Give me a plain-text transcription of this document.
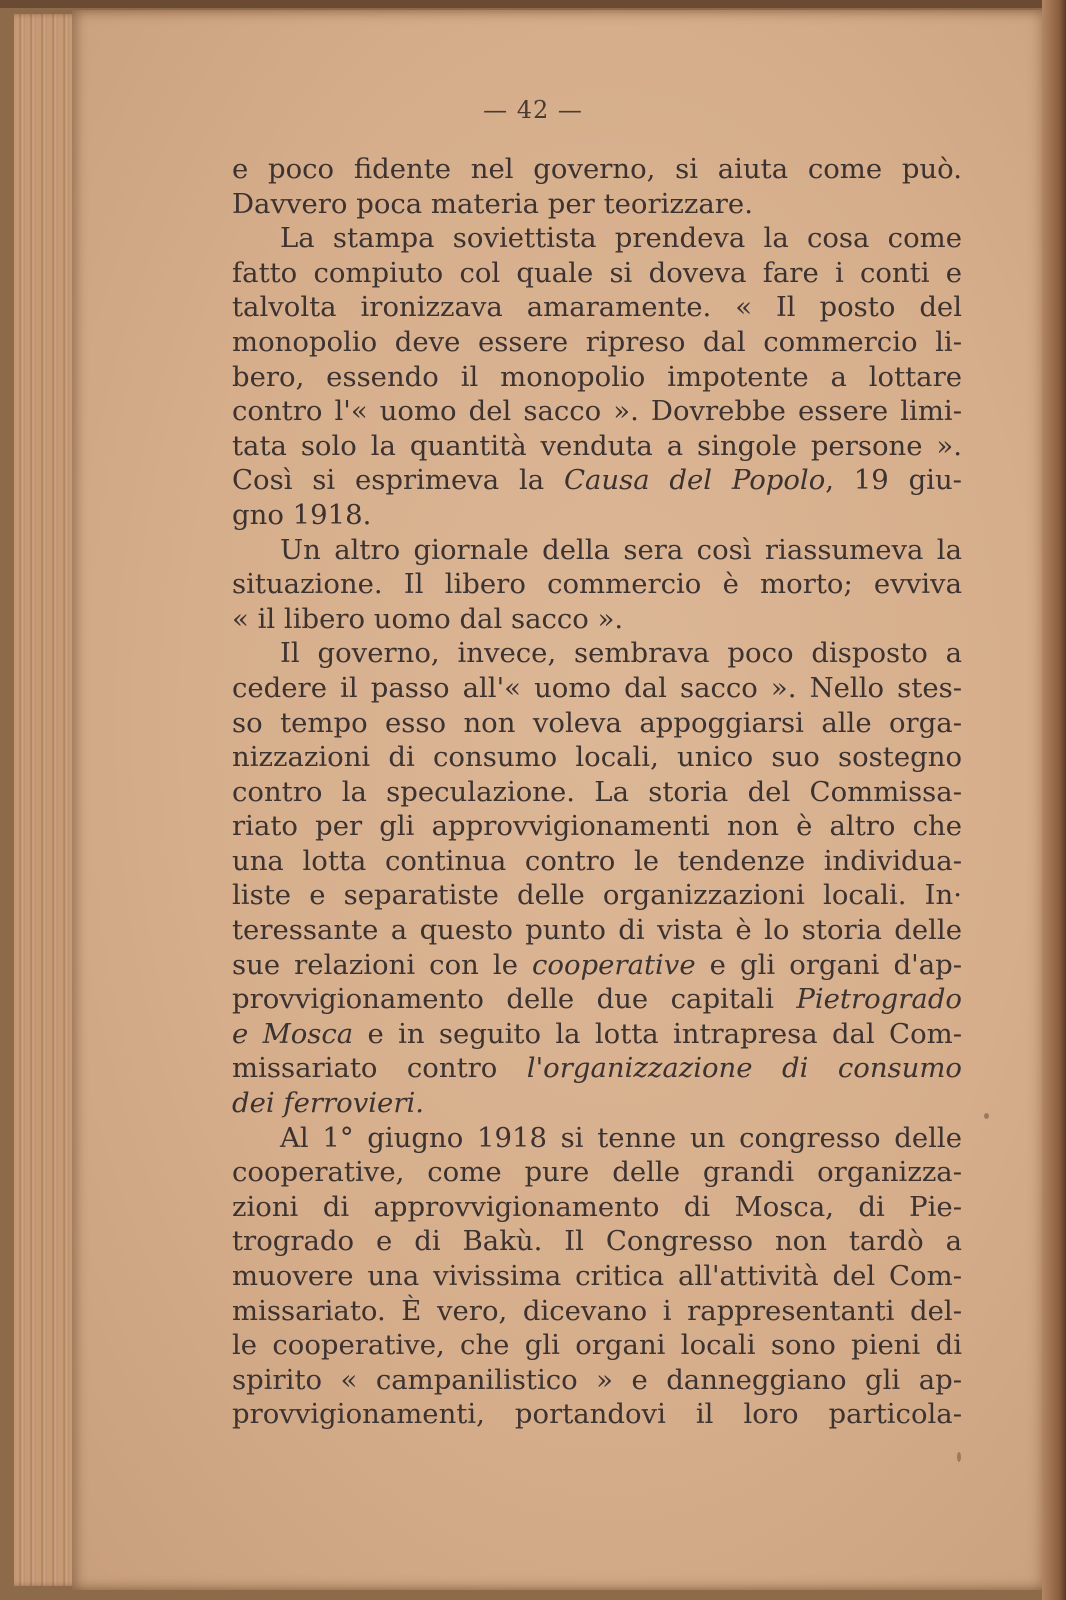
— 42 —
e poco fidente nel governo, si aiuta come può.
Davvero poca materia per teorizzare.
La stampa soviettista prendeva la cosa come
fatto compiuto col quale si doveva fare i conti e
talvolta ironizzava amaramente. « Il posto del
monopolio deve essere ripreso dal commercio li-
bero, essendo il monopolio impotente a lottare
contro l'« uomo del sacco ». Dovrebbe essere limi-
tata solo la quantità venduta a singole persone ».
Così si esprimeva la Causa del Popolo, 19 giu-
gno 1918.
Un altro giornale della sera così riassumeva la
situazione. Il libero commercio è morto; evviva
« il libero uomo dal sacco ».
Il governo, invece, sembrava poco disposto a
cedere il passo all'« uomo dal sacco ». Nello stes-
so tempo esso non voleva appoggiarsi alle orga-
nizzazioni di consumo locali, unico suo sostegno
contro la speculazione. La storia del Commissa-
riato per gli approvvigionamenti non è altro che
una lotta continua contro le tendenze individua-
liste e separatiste delle organizzazioni locali. In·
teressante a questo punto di vista è lo storia delle
sue relazioni con le cooperative e gli organi d'ap-
provvigionamento delle due capitali Pietrogrado
e Mosca e in seguito la lotta intrapresa dal Com-
missariato contro l'organizzazione di consumo
dei ferrovieri.
Al 1° giugno 1918 si tenne un congresso delle
cooperative, come pure delle grandi organizza-
zioni di approvvigionamento di Mosca, di Pie-
trogrado e di Bakù. Il Congresso non tardò a
muovere una vivissima critica all'attività del Com-
missariato. È vero, dicevano i rappresentanti del-
le cooperative, che gli organi locali sono pieni di
spirito « campanilistico » e danneggiano gli ap-
provvigionamenti, portandovi il loro particola-
